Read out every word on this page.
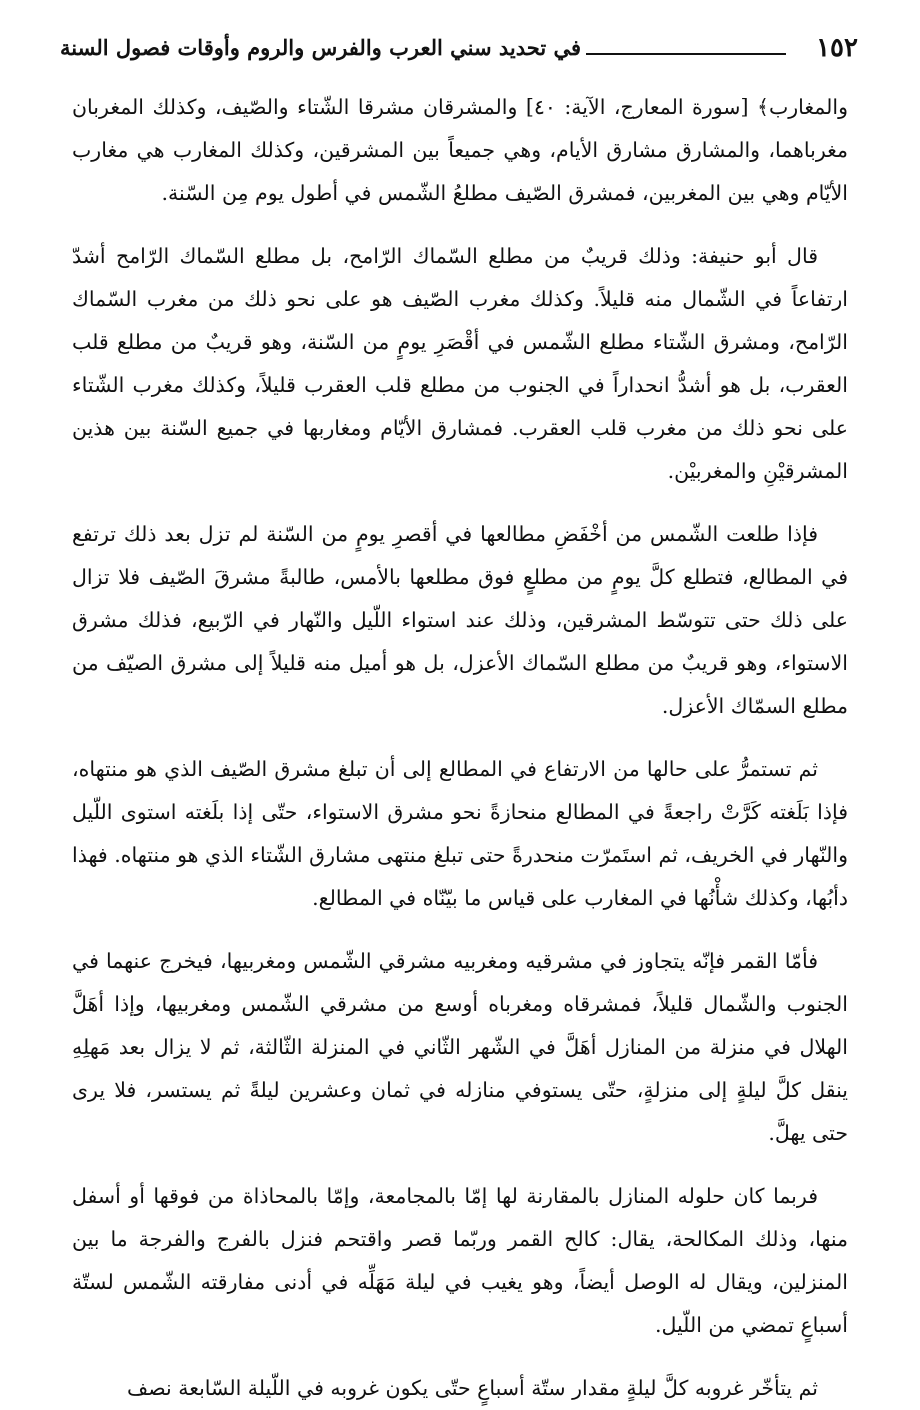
١٥٢
في تحديد سني العرب والفرس والروم وأوقات فصول السنة

والمغارب﴾ [سورة المعارج، الآية: ٤٠] والمشرقان مشرقا الشّتاء والصّيف، وكذلك المغربان مغرباهما، والمشارق مشارق الأيام، وهي جميعاً بين المشرقين، وكذلك المغارب هي مغارب الأيّام وهي بين المغربين، فمشرق الصّيف مطلعُ الشّمس في أطول يوم مِن السّنة.

قال أبو حنيفة: وذلك قريبٌ من مطلع السّماك الرّامح، بل مطلع السّماك الرّامح أشدّ ارتفاعاً في الشّمال منه قليلاً. وكذلك مغرب الصّيف هو على نحو ذلك من مغرب السّماك الرّامح، ومشرق الشّتاء مطلع الشّمس في أقْصَرِ يومٍ من السّنة، وهو قريبٌ من مطلع قلب العقرب، بل هو أشدُّ انحداراً في الجنوب من مطلع قلب العقرب قليلاً، وكذلك مغرب الشّتاء على نحو ذلك من مغرب قلب العقرب. فمشارق الأيّام ومغاربها في جميع السّنة بين هذين المشرقيْنِ والمغربيْن.

فإذا طلعت الشّمس من أخْفَضِ مطالعها في أقصرِ يومٍ من السّنة لم تزل بعد ذلك ترتفع في المطالع، فتطلع كلَّ يومٍ من مطلعٍ فوق مطلعها بالأمس، طالبةً مشرقَ الصّيف فلا تزال على ذلك حتى تتوسّط المشرقين، وذلك عند استواء اللّيل والنّهار في الرّبيع، فذلك مشرق الاستواء، وهو قريبٌ من مطلع السّماك الأعزل، بل هو أميل منه قليلاً إلى مشرق الصيّف من مطلع السمّاك الأعزل.

ثم تستمرُّ على حالها من الارتفاع في المطالع إلى أن تبلغ مشرق الصّيف الذي هو منتهاه، فإذا بَلَغته كَرَّتْ راجعةً في المطالع منحازةً نحو مشرق الاستواء، حتّى إذا بلَغته استوى اللّيل والنّهار في الخريف، ثم استَمرّت منحدرةً حتى تبلغ منتهى مشارق الشّتاء الذي هو منتهاه. فهذا دأبُها، وكذلك شأْنُها في المغارب على قياس ما بيّنّاه في المطالع.

فأمّا القمر فإنّه يتجاوز في مشرقيه ومغربيه مشرقي الشّمس ومغربيها، فيخرج عنهما في الجنوب والشّمال قليلاً، فمشرقاه ومغرباه أوسع من مشرقي الشّمس ومغربيها، وإذا أهَلَّ الهلال في منزلة من المنازل أهَلَّ في الشّهر الثّاني في المنزلة الثّالثة، ثم لا يزال بعد مَهلِهِ ينقل كلَّ ليلةٍ إلى منزلةٍ، حتّى يستوفي منازله في ثمان وعشرين ليلةً ثم يستسر، فلا يرى حتى يهلَّ.

فربما كان حلوله المنازل بالمقارنة لها إمّا بالمجامعة، وإمّا بالمحاذاة من فوقها أو أسفل منها، وذلك المكالحة، يقال: كالح القمر وربّما قصر واقتحم فنزل بالفرج والفرجة ما بين المنزلين، ويقال له الوصل أيضاً، وهو يغيب في ليلة مَهَلِّه في أدنى مفارقته الشّمس لستّة أسباعٍ تمضي من اللّيل.

ثم يتأخّر غروبه كلَّ ليلةٍ مقدار ستّة أسباعٍ حتّى يكون غروبه في اللّيلة السّابعة نصف
